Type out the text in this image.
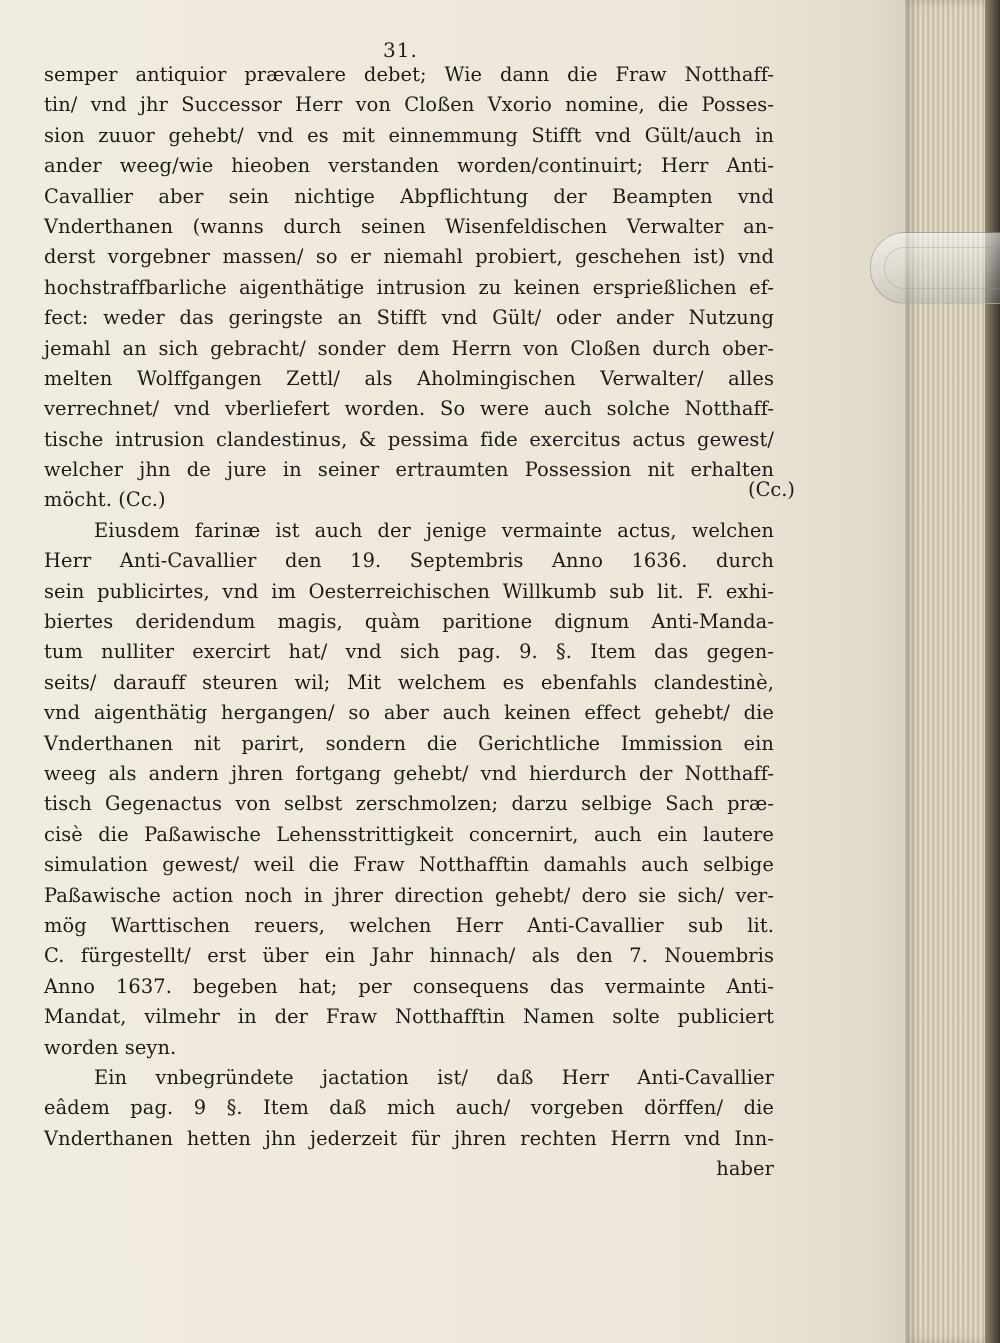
31.
semper antiquior prævalere debet; Wie dann die Fraw Notthaff-
tin/ vnd jhr Successor Herr von Cloßen Vxorio nomine, die Posses-
sion zuuor gehebt/ vnd es mit einnemmung Stifft vnd Gült/auch in
ander weeg/wie hieoben verstanden worden/continuirt; Herr Anti-
Cavallier aber sein nichtige Abpflichtung der Beampten vnd
Vnderthanen (wanns durch seinen Wisenfeldischen Verwalter an-
derst vorgebner massen/ so er niemahl probiert, geschehen ist) vnd
hochstraffbarliche aigenthätige intrusion zu keinen ersprießlichen ef-
fect: weder das geringste an Stifft vnd Gült/ oder ander Nutzung
jemahl an sich gebracht/ sonder dem Herrn von Cloßen durch ober-
melten Wolffgangen Zettl/ als Aholmingischen Verwalter/ alles
verrechnet/ vnd vberliefert worden. So were auch solche Notthaff-
tische intrusion clandestinus, & pessima fide exercitus actus gewest/
welcher jhn de jure in seiner ertraumten Possession nit erhalten
möcht. (Cc.)
Eiusdem farinæ ist auch der jenige vermainte actus, welchen
Herr Anti-Cavallier den 19. Septembris Anno 1636. durch
sein publicirtes, vnd im Oesterreichischen Willkumb sub lit. F. exhi-
biertes deridendum magis, quàm paritione dignum Anti-Manda-
tum nulliter exercirt hat/ vnd sich pag. 9. §. Item das gegen-
seits/ darauff steuren wil; Mit welchem es ebenfahls clandestinè,
vnd aigenthätig hergangen/ so aber auch keinen effect gehebt/ die
Vnderthanen nit parirt, sondern die Gerichtliche Immission ein
weeg als andern jhren fortgang gehebt/ vnd hierdurch der Notthaff-
tisch Gegenactus von selbst zerschmolzen; darzu selbige Sach præ-
cisè die Paßawische Lehensstrittigkeit concernirt, auch ein lautere
simulation gewest/ weil die Fraw Notthafftin damahls auch selbige
Paßawische action noch in jhrer direction gehebt/ dero sie sich/ ver-
mög Warttischen reuers, welchen Herr Anti-Cavallier sub lit.
C. fürgestellt/ erst über ein Jahr hinnach/ als den 7. Nouembris
Anno 1637. begeben hat; per consequens das vermainte Anti-
Mandat, vilmehr in der Fraw Notthafftin Namen solte publiciert
worden seyn.
Ein vnbegründete jactation ist/ daß Herr Anti-Cavallier
eâdem pag. 9 §. Item daß mich auch/ vorgeben dörffen/ die
Vnderthanen hetten jhn jederzeit für jhren rechten Herrn vnd Inn-
haber
(Cc.)
